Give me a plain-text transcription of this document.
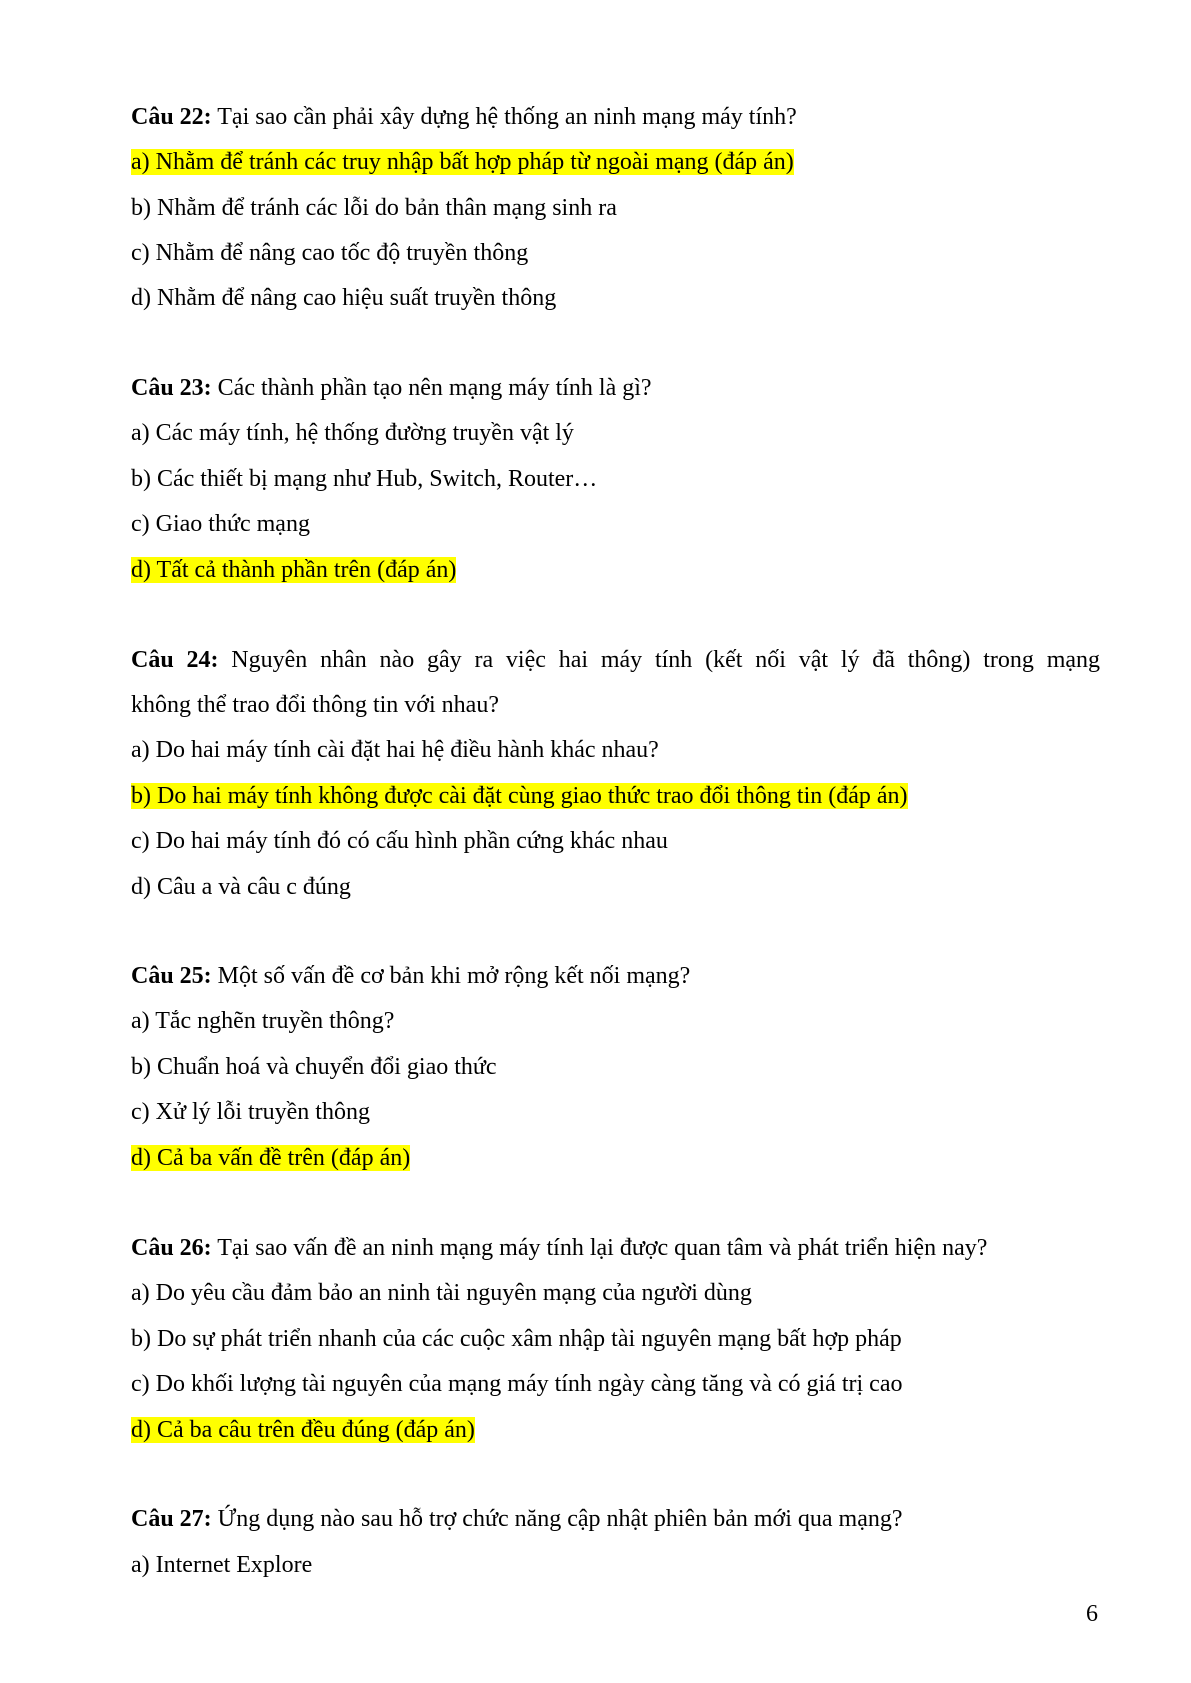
Câu 22: Tại sao cần phải xây dựng hệ thống an ninh mạng máy tính?
a) Nhằm để tránh các truy nhập bất hợp pháp từ ngoài mạng (đáp án)
b) Nhằm để tránh các lỗi do bản thân mạng sinh ra
c) Nhằm để nâng cao tốc độ truyền thông
d) Nhằm để nâng cao hiệu suất truyền thông
Câu 23: Các thành phần tạo nên mạng máy tính là gì?
a) Các máy tính, hệ thống đường truyền vật lý
b) Các thiết bị mạng như Hub, Switch, Router…
c) Giao thức mạng
d) Tất cả thành phần trên (đáp án)
Câu 24: Nguyên nhân nào gây ra việc hai máy tính (kết nối vật lý đã thông) trong mạng
không thể trao đổi thông tin với nhau?
a) Do hai máy tính cài đặt hai hệ điều hành khác nhau?
b) Do hai máy tính không được cài đặt cùng giao thức trao đổi thông tin (đáp án)
c) Do hai máy tính đó có cấu hình phần cứng khác nhau
d) Câu a và câu c đúng
Câu 25: Một số vấn đề cơ bản khi mở rộng kết nối mạng?
a) Tắc nghẽn truyền thông?
b) Chuẩn hoá và chuyển đổi giao thức
c) Xử lý lỗi truyền thông
d) Cả ba vấn đề trên (đáp án)
Câu 26: Tại sao vấn đề an ninh mạng máy tính lại được quan tâm và phát triển hiện nay?
a) Do yêu cầu đảm bảo an ninh tài nguyên mạng của người dùng
b) Do sự phát triển nhanh của các cuộc xâm nhập tài nguyên mạng bất hợp pháp
c) Do khối lượng tài nguyên của mạng máy tính ngày càng tăng và có giá trị cao
d) Cả ba câu trên đều đúng (đáp án)
Câu 27: Ứng dụng nào sau hỗ trợ chức năng cập nhật phiên bản mới qua mạng?
a) Internet Explore
6
